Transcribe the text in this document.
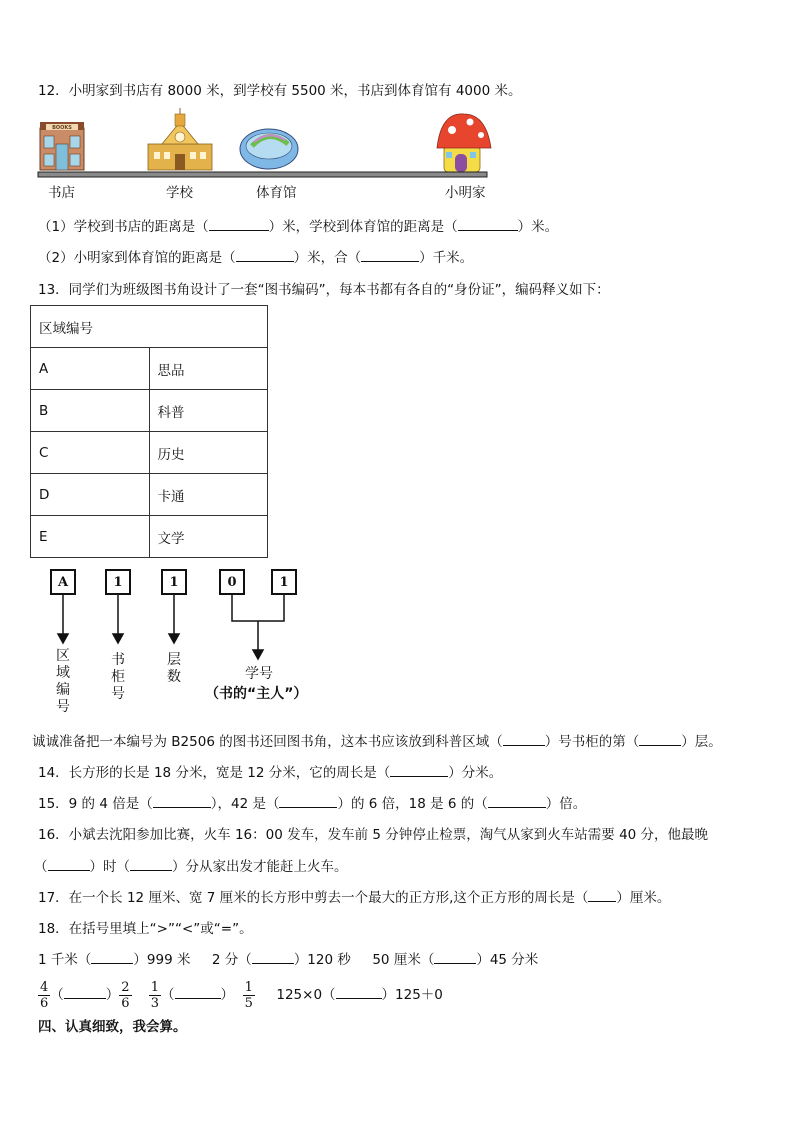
12．小明家到书店有 8000 米，到学校有 5500 米，书店到体育馆有 4000 米。
BOOKS
书店	学校	体育馆	小明家
（1）学校到书店的距离是（	）米，学校到体育馆的距离是（	）米。
（2）小明家到体育馆的距离是（	）米，合（	）千米。
13．同学们为班级图书角设计了一套“图书编码”，每本书都有各自的“身份证”，编码释义如下：
区域编号	
A	思品
B	科普
C	历史
D	卡通
E	文学
A	1	1	0	1
区
域
编
号
书
柜
号
层
数	学号
（书的“主人”）
诚诚准备把一本编号为 B2506 的图书还回图书角，这本书应该放到科普区域（	）号书柜的第（	）层。
14．长方形的长是 18 分米，宽是 12 分米，它的周长是（	）分米。
15．9 的 4 倍是（	），42 是（	）的 6 倍，18 是 6 的（	）倍。
16．小斌去沈阳参加比赛，火车 16：00 发车，发车前 5 分钟停止检票，淘气从家到火车站需要 40 分，他最晚
（	）时（	）分从家出发才能赶上火车。
17．在一个长 12 厘米、宽 7 厘米的长方形中剪去一个最大的正方形,这个正方形的周长是（ ）厘米。
18．在括号里填上“>”“<”或“=”。
1 千米（	）999 米 2 分（	）120 秒 50 厘米（	）45 分米
$\frac{4}{6}$ （	） $\frac{2}{6}$
$\frac{1}{3}$ （	） $\frac{1}{5} 125\times 0$（	）125＋0
四、认真细致，我会算。
